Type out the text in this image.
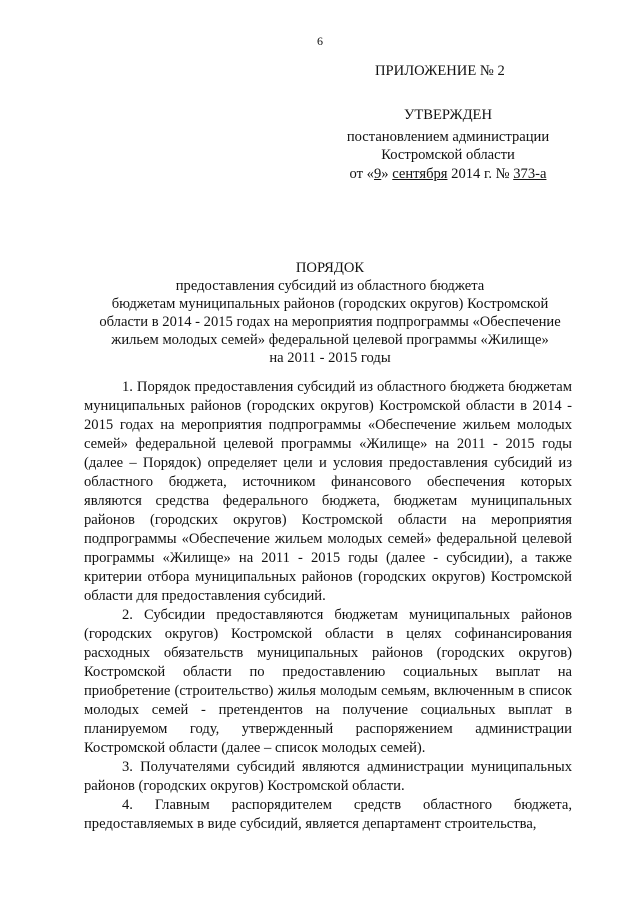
6
ПРИЛОЖЕНИЕ № 2
УТВЕРЖДЕН
постановлением администрации
Костромской области
от «9» сентября 2014 г. № 373-а
ПОРЯДОК
предоставления субсидий из областного бюджета
бюджетам муниципальных районов (городских округов) Костромской
области в 2014 - 2015 годах на мероприятия подпрограммы «Обеспечение
жильем молодых семей» федеральной целевой программы «Жилище»
на 2011 - 2015 годы

1. Порядок предоставления субсидий из областного бюджета бюджетам муниципальных районов (городских округов) Костромской области в 2014 - 2015 годах на мероприятия подпрограммы «Обеспечение жильем молодых семей» федеральной целевой программы «Жилище» на 2011 - 2015 годы (далее – Порядок) определяет цели и условия предоставления субсидий из областного бюджета, источником финансового обеспечения которых являются средства федерального бюджета, бюджетам муниципальных районов (городских округов) Костромской области на мероприятия подпрограммы «Обеспечение жильем молодых семей» федеральной целевой программы «Жилище» на 2011 - 2015 годы (далее - субсидии), а также критерии отбора муниципальных районов (городских округов) Костромской области для предоставления субсидий.

2. Субсидии предоставляются бюджетам муниципальных районов (городских округов) Костромской области в целях софинансирования расходных обязательств муниципальных районов (городских округов) Костромской области по предоставлению социальных выплат на приобретение (строительство) жилья молодым семьям, включенным в список молодых семей - претендентов на получение социальных выплат в планируемом году, утвержденный распоряжением администрации Костромской области (далее – список молодых семей).

3. Получателями субсидий являются администрации муниципальных районов (городских округов) Костромской области.

4. Главным распорядителем средств областного бюджета, предоставляемых в виде субсидий, является департамент строительства,
